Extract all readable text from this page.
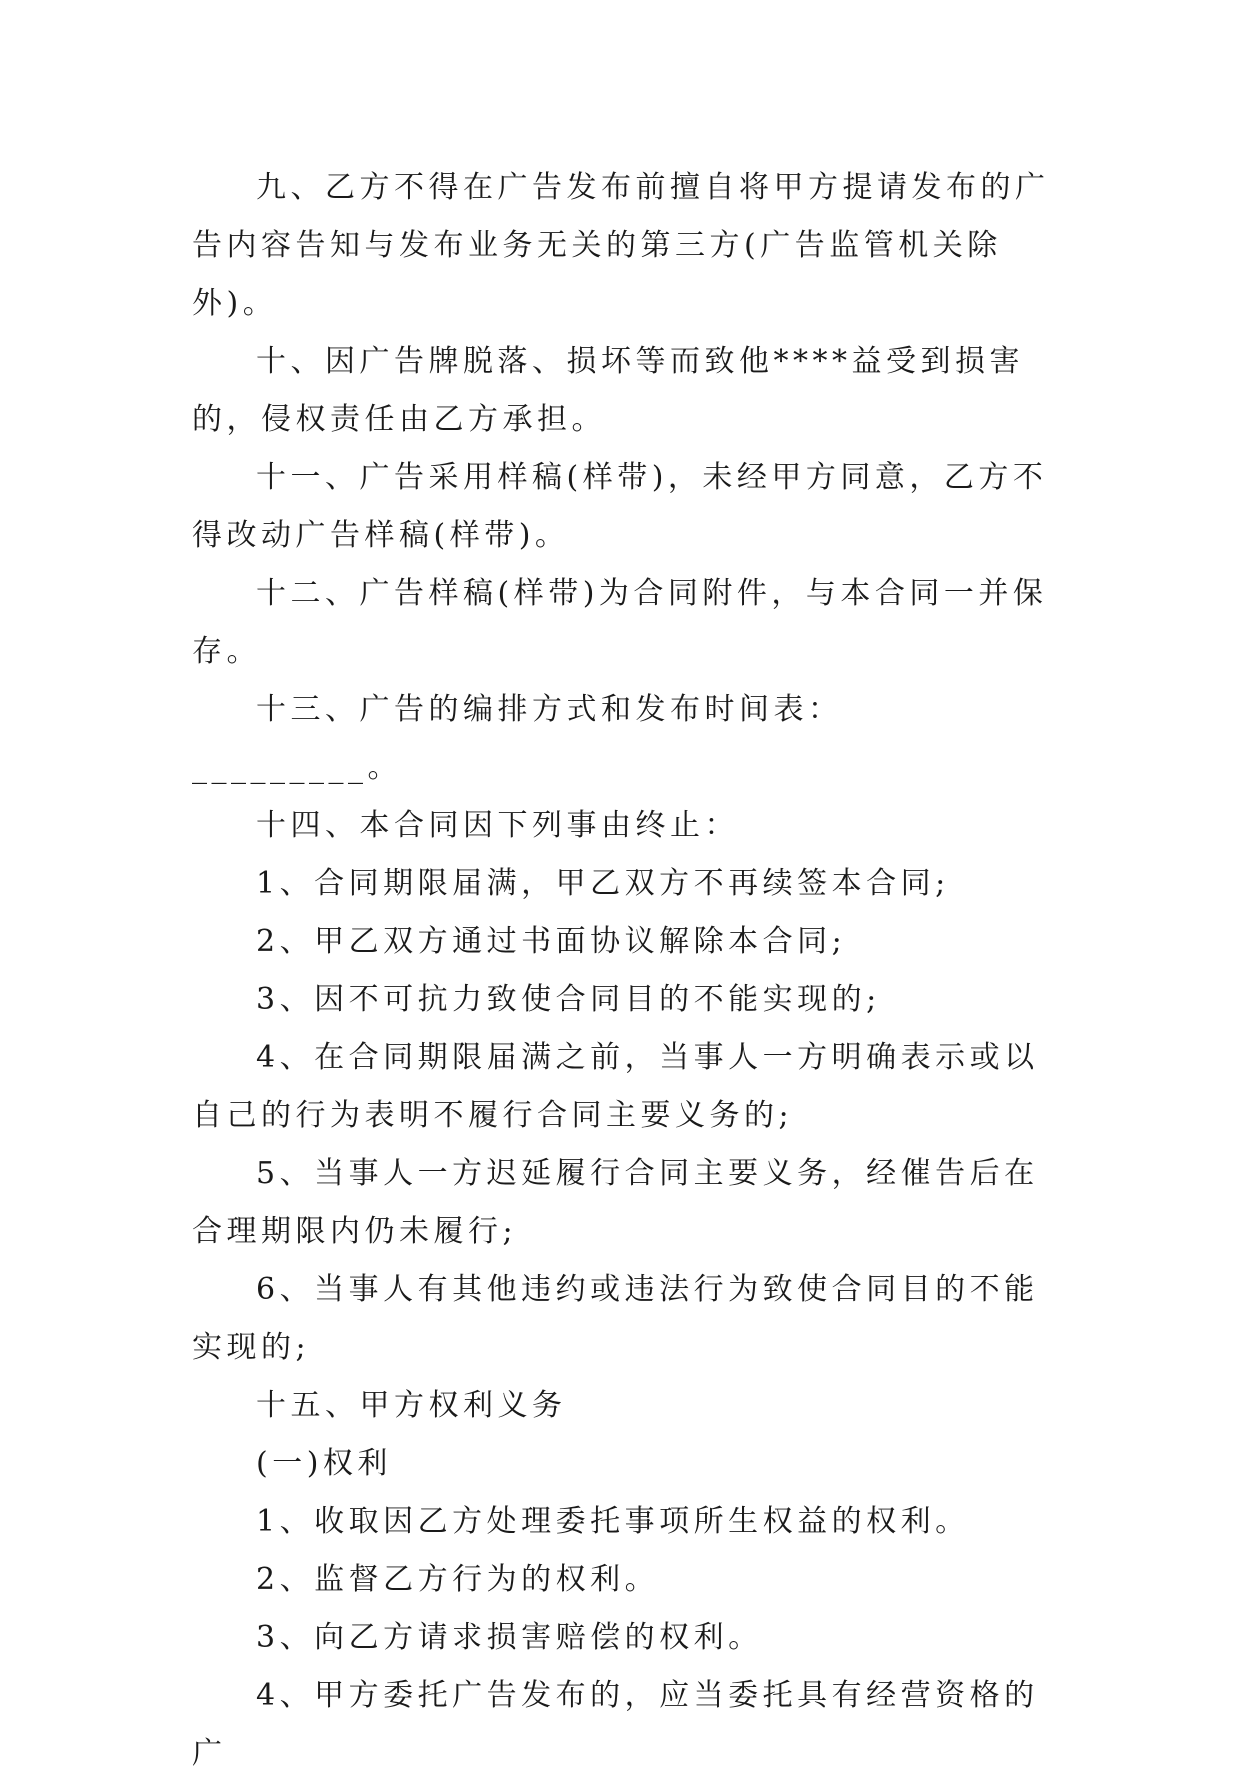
九、乙方不得在广告发布前擅自将甲方提请发布的广告内容告知与发布业务无关的第三方(广告监管机关除外)。

十、因广告牌脱落、损坏等而致他****益受到损害的，侵权责任由乙方承担。

十一、广告采用样稿(样带)，未经甲方同意，乙方不得改动广告样稿(样带)。

十二、广告样稿(样带)为合同附件，与本合同一并保存。

十三、广告的编排方式和发布时间表：_________。

十四、本合同因下列事由终止：

1、合同期限届满，甲乙双方不再续签本合同;

2、甲乙双方通过书面协议解除本合同;

3、因不可抗力致使合同目的不能实现的;

4、在合同期限届满之前，当事人一方明确表示或以自己的行为表明不履行合同主要义务的;

5、当事人一方迟延履行合同主要义务，经催告后在合理期限内仍未履行;

6、当事人有其他违约或违法行为致使合同目的不能实现的;

十五、甲方权利义务

(一)权利

1、收取因乙方处理委托事项所生权益的权利。

2、监督乙方行为的权利。

3、向乙方请求损害赔偿的权利。

4、甲方委托广告发布的，应当委托具有经营资格的广
